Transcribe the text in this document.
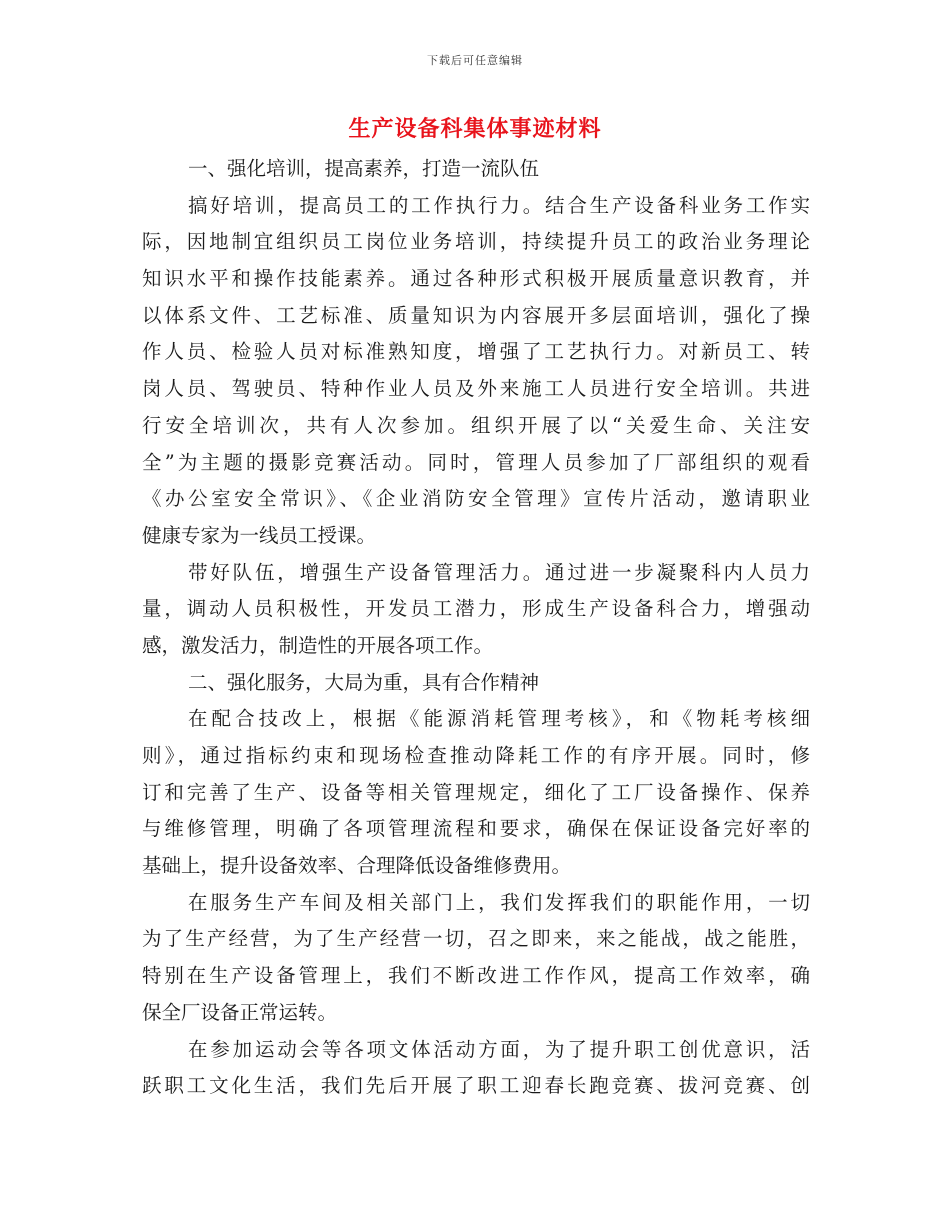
下载后可任意编辑
生产设备科集体事迹材料
一、强化培训，提高素养，打造一流队伍
搞好培训，提高员工的工作执行力。结合生产设备科业务工作实
际，因地制宜组织员工岗位业务培训，持续提升员工的政治业务理论
知识水平和操作技能素养。通过各种形式积极开展质量意识教育，并
以体系文件、工艺标准、质量知识为内容展开多层面培训，强化了操
作人员、检验人员对标准熟知度，增强了工艺执行力。对新员工、转
岗人员、驾驶员、特种作业人员及外来施工人员进行安全培训。共进
行安全培训次，共有人次参加。组织开展了以“关爱生命、关注安
全”为主题的摄影竞赛活动。同时，管理人员参加了厂部组织的观看
《办公室安全常识》、《企业消防安全管理》宣传片活动，邀请职业
健康专家为一线员工授课。
带好队伍，增强生产设备管理活力。通过进一步凝聚科内人员力
量，调动人员积极性，开发员工潜力，形成生产设备科合力，增强动
感，激发活力，制造性的开展各项工作。
二、强化服务，大局为重，具有合作精神
在配合技改上，根据《能源消耗管理考核》，和《物耗考核细
则》，通过指标约束和现场检查推动降耗工作的有序开展。同时，修
订和完善了生产、设备等相关管理规定，细化了工厂设备操作、保养
与维修管理，明确了各项管理流程和要求，确保在保证设备完好率的
基础上，提升设备效率、合理降低设备维修费用。
在服务生产车间及相关部门上，我们发挥我们的职能作用，一切
为了生产经营，为了生产经营一切，召之即来，来之能战，战之能胜，
特别在生产设备管理上，我们不断改进工作作风，提高工作效率，确
保全厂设备正常运转。
在参加运动会等各项文体活动方面，为了提升职工创优意识，活
跃职工文化生活，我们先后开展了职工迎春长跑竞赛、拔河竞赛、创
